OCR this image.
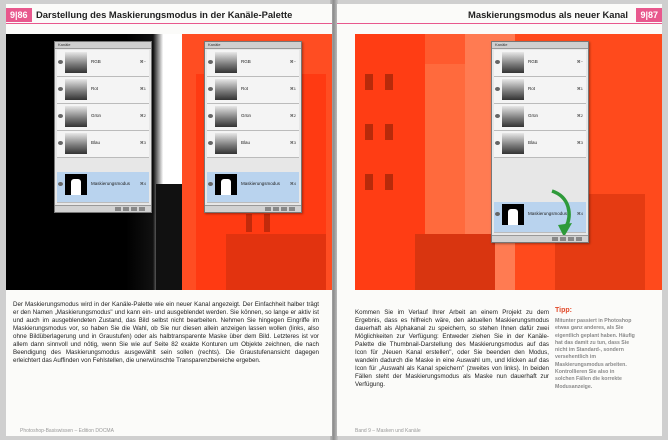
9|86 Darstellung des Maskierungsmodus in der Kanäle-Palette
Kanäle
RGB	⌘~
Rot	⌘1
Grün	⌘2
Blau	⌘3
Maskierungsmodus ⌘4
Kanäle
RGB	⌘~
Rot	⌘1
Grün	⌘2
Blau	⌘3
Maskierungsmodus ⌘4
Der Maskierungsmodus wird in der Kanäle-Palette wie ein neuer Kanal angezeigt. Der Einfachheit halber trägt er den Namen „Maskierungsmodus" und kann ein- und ausgeblendet werden. Sie können, so lange er aktiv ist und auch im ausgeblendeten Zustand, das Bild selbst nicht bearbeiten. Nehmen Sie hingegen Eingriffe im Maskierungsmodus vor, so haben Sie die Wahl, ob Sie nur diesen allein anzeigen lassen wollen (links, also ohne Bildüberlagerung und in Graustufen) oder als halbtransparente Maske über dem Bild. Letzteres ist vor allem dann sinnvoll und nötig, wenn Sie wie auf Seite 82 exakte Konturen um Objekte zeichnen, die nach Beendigung des Maskierungsmodus ausgewählt sein sollen (rechts). Die Graustufenansicht dagegen erleichtert das Auffinden von Fehlstellen, die unerwünschte Transparenzbereiche ergeben.
Photoshop-Basiswissen – Edition DOCMA
Maskierungsmodus als neuer Kanal	9|87
Kanäle
RGB	⌘~
Rot	⌘1
Grün	⌘2
Blau	⌘3
Maskierungsmodus ⌘4
Kommen Sie im Verlauf Ihrer Arbeit an einem Projekt zu dem Ergebnis, dass es hilfreich wäre, den aktuellen Maskierungsmodus dauerhaft als Alphakanal zu speichern, so stehen Ihnen dafür zwei Möglichkeiten zur Verfügung: Entweder ziehen Sie in der Kanäle-Palette die Thumbnail-Darstellung des Maskierungsmodus auf das Icon für „Neuen Kanal erstellen", oder Sie beenden den Modus, wandeln dadurch die Maske in eine Auswahl um, und klicken auf das Icon für „Auswahl als Kanal speichern" (zweites von links). In beiden Fällen steht der Maskierungsmodus als Maske nun dauerhaft zur Verfügung.
Tipp:
Mitunter passiert in Photoshop etwas ganz anderes, als Sie eigentlich geplant haben. Häufig hat das damit zu tun, dass Sie nicht im Standard-, sondern versehentlich im Maskierungsmodus arbeiten. Kontrollieren Sie also in solchen Fällen die korrekte Modusanzeige.
Band 9 – Masken und Kanäle
